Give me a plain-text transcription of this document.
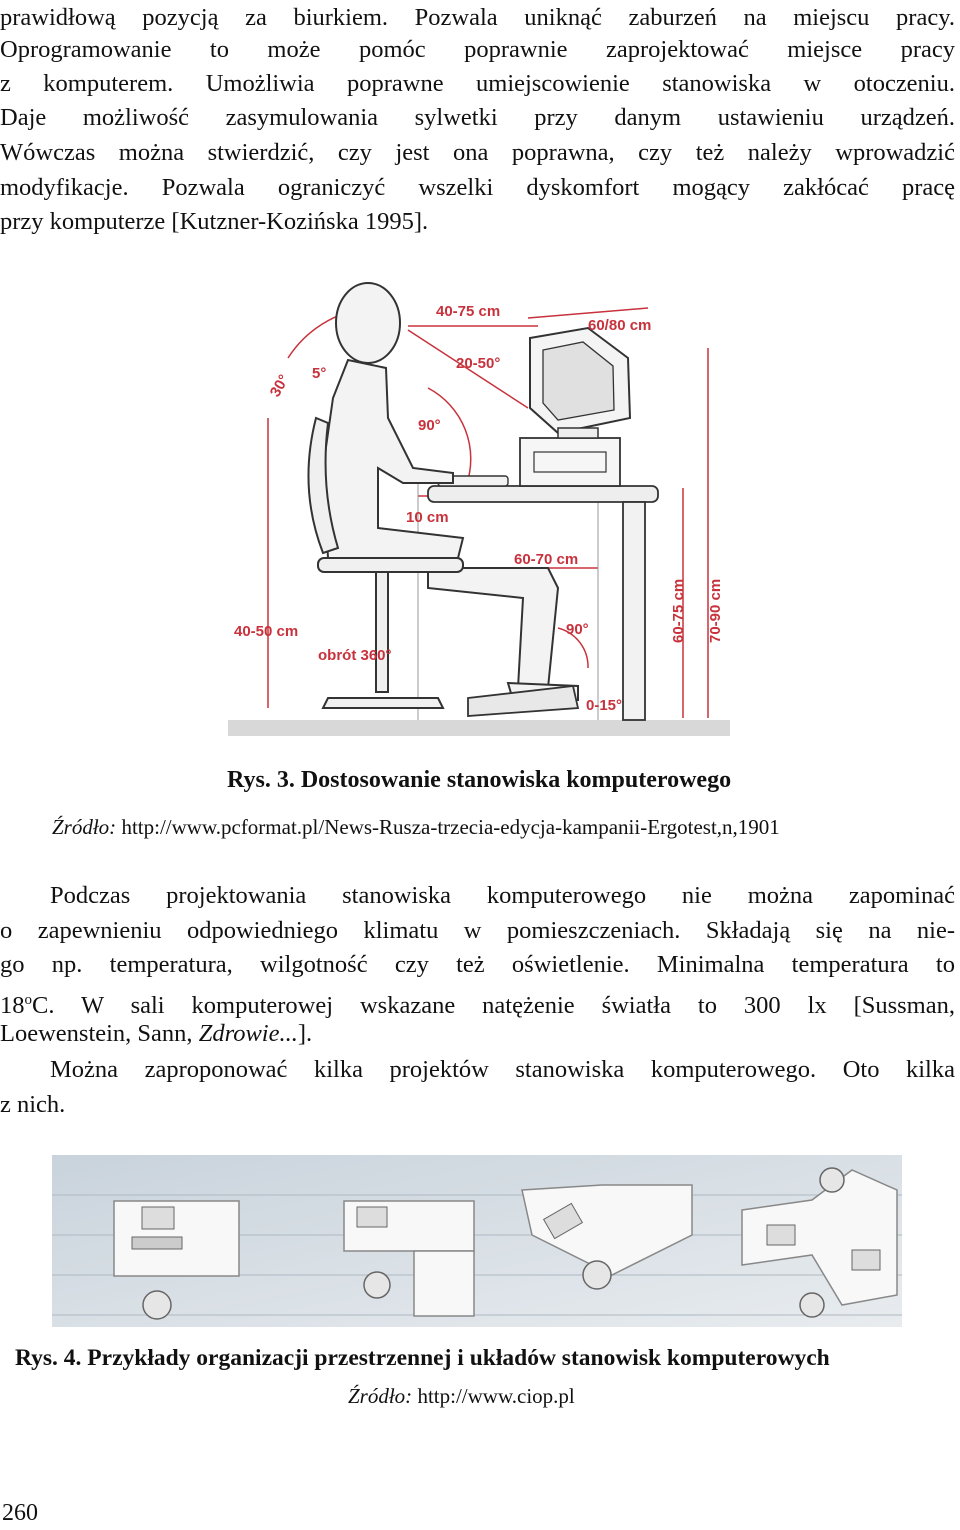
prawidłową pozycją za biurkiem. Pozwala uniknąć zaburzeń na miejscu pracy.
Oprogramowanie to może pomóc poprawnie zaprojektować miejsce pracy
z komputerem. Umożliwia poprawne umiejscowienie stanowiska w otoczeniu.
Daje możliwość zasymulowania sylwetki przy danym ustawieniu urządzeń.
Wówczas można stwierdzić, czy jest ona poprawna, czy też należy wprowadzić
modyfikacje. Pozwala ograniczyć wszelki dyskomfort mogący zakłócać pracę
przy komputerze [Kutzner-Kozińska 1995].
40-75 cm
60/80 cm
20-50°
5°
30°
90°
10 cm
60-70 cm
90°
40-50 cm
obrót 360°
0-15°
60-75 cm 70-90 cm
Rys. 3. Dostosowanie stanowiska komputerowego
Źródło: http://www.pcformat.pl/News-Rusza-trzecia-edycja-kampanii-Ergotest,n,1901
Podczas projektowania stanowiska komputerowego nie można zapominać
o zapewnieniu odpowiedniego klimatu w pomieszczeniach. Składają się na nie-
go np. temperatura, wilgotność czy też oświetlenie. Minimalna temperatura to
18$^o$C. W sali komputerowej wskazane natężenie światła to 300 lx [Sussman,
Loewenstein, Sann, Zdrowie...].
Można zaproponować kilka projektów stanowiska komputerowego. Oto kilka
z nich.
Rys. 4. Przykłady organizacji przestrzennej i układów stanowisk komputerowych
Źródło: http://www.ciop.pl
260
